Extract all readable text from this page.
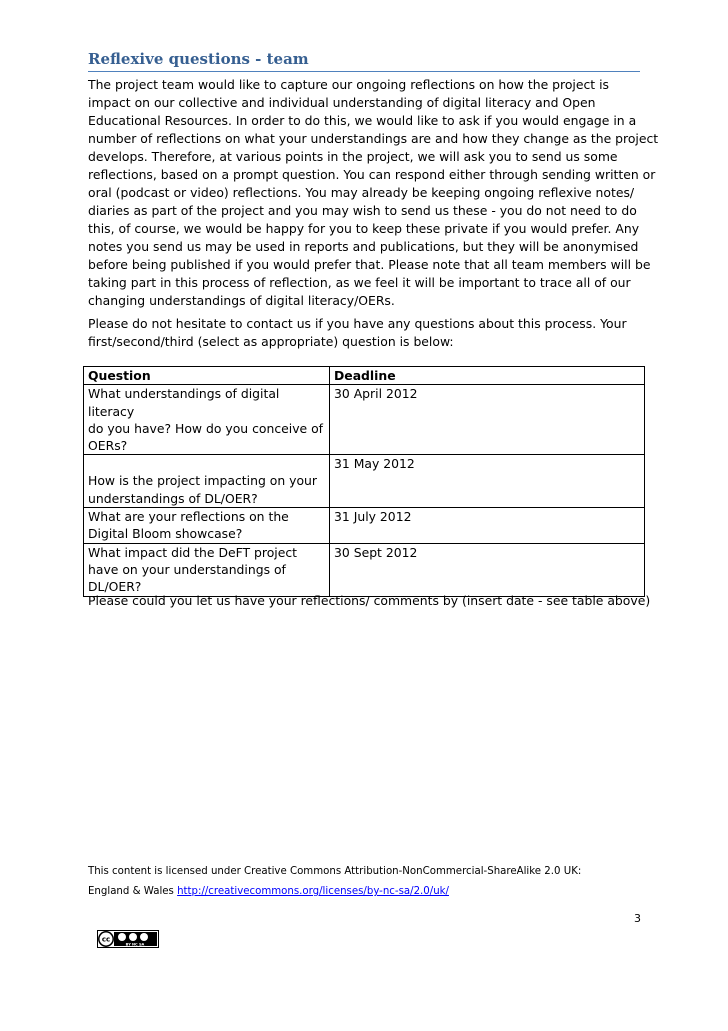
Reflexive questions - team
The project team would like to capture our ongoing reflections on how the project is
impact on our collective and individual understanding of digital literacy and Open
Educational Resources. In order to do this, we would like to ask if you would engage in a
number of reflections on what your understandings are and how they change as the project
develops. Therefore, at various points in the project, we will ask you to send us some
reflections, based on a prompt question. You can respond either through sending written or
oral (podcast or video) reflections. You may already be keeping ongoing reflexive notes/
diaries as part of the project and you may wish to send us these - you do not need to do
this, of course, we would be happy for you to keep these private if you would prefer. Any
notes you send us may be used in reports and publications, but they will be anonymised
before being published if you would prefer that. Please note that all team members will be
taking part in this process of reflection, as we feel it will be important to trace all of our
changing understandings of digital literacy/OERs.
Please do not hesitate to contact us if you have any questions about this process. Your
first/second/third (select as appropriate) question is below:
Question	Deadline
What understandings of digital literacy
do you have? How do you conceive of
OERs?	30 April 2012

How is the project impacting on your
understandings of DL/OER?	31 May 2012
What are your reflections on the
Digital Bloom showcase?	31 July 2012
What impact did the DeFT project
have on your understandings of
DL/OER?	30 Sept 2012
Please could you let us have your reflections/ comments by (insert date - see table above)
This content is licensed under Creative Commons Attribution-NonCommercial-ShareAlike 2.0 UK:
England & Wales http://creativecommons.org/licenses/by-nc-sa/2.0/uk/
3
cc
BY NC SA
